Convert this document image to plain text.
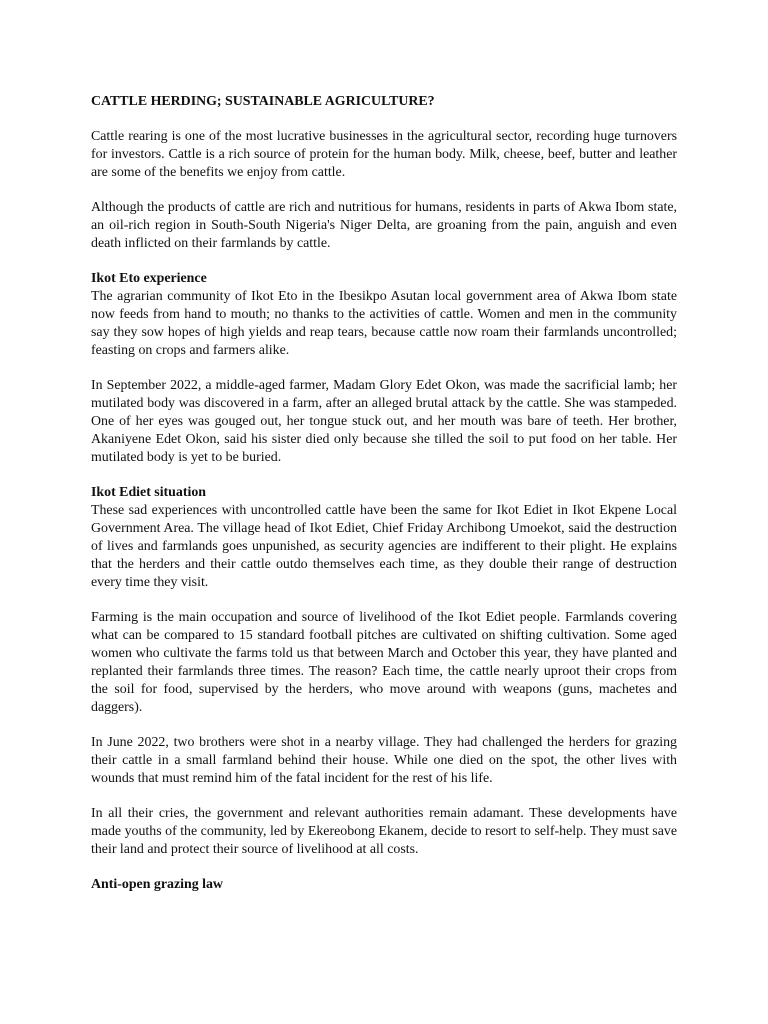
CATTLE HERDING; SUSTAINABLE AGRICULTURE?

Cattle rearing is one of the most lucrative businesses in the agricultural sector, recording huge turnovers for investors. Cattle is a rich source of protein for the human body. Milk, cheese, beef, butter and leather are some of the benefits we enjoy from cattle.

Although the products of cattle are rich and nutritious for humans, residents in parts of Akwa Ibom state, an oil-rich region in South-South Nigeria's Niger Delta, are groaning from the pain, anguish and even death inflicted on their farmlands by cattle.

Ikot Eto experience

The agrarian community of Ikot Eto in the Ibesikpo Asutan local government area of Akwa Ibom state now feeds from hand to mouth; no thanks to the activities of cattle. Women and men in the community say they sow hopes of high yields and reap tears, because cattle now roam their farmlands uncontrolled; feasting on crops and farmers alike.

In September 2022, a middle-aged farmer, Madam Glory Edet Okon, was made the sacrificial lamb; her mutilated body was discovered in a farm, after an alleged brutal attack by the cattle. She was stampeded. One of her eyes was gouged out, her tongue stuck out, and her mouth was bare of teeth. Her brother, Akaniyene Edet Okon, said his sister died only because she tilled the soil to put food on her table. Her mutilated body is yet to be buried.

Ikot Ediet situation

These sad experiences with uncontrolled cattle have been the same for Ikot Ediet in Ikot Ekpene Local Government Area. The village head of Ikot Ediet, Chief Friday Archibong Umoekot, said the destruction of lives and farmlands goes unpunished, as security agencies are indifferent to their plight. He explains that the herders and their cattle outdo themselves each time, as they double their range of destruction every time they visit.

Farming is the main occupation and source of livelihood of the Ikot Ediet people. Farmlands covering what can be compared to 15 standard football pitches are cultivated on shifting cultivation. Some aged women who cultivate the farms told us that between March and October this year, they have planted and replanted their farmlands three times. The reason? Each time, the cattle nearly uproot their crops from the soil for food, supervised by the herders, who move around with weapons (guns, machetes and daggers).

In June 2022, two brothers were shot in a nearby village. They had challenged the herders for grazing their cattle in a small farmland behind their house. While one died on the spot, the other lives with wounds that must remind him of the fatal incident for the rest of his life.

In all their cries, the government and relevant authorities remain adamant. These developments have made youths of the community, led by Ekereobong Ekanem, decide to resort to self-help. They must save their land and protect their source of livelihood at all costs.

Anti-open grazing law
